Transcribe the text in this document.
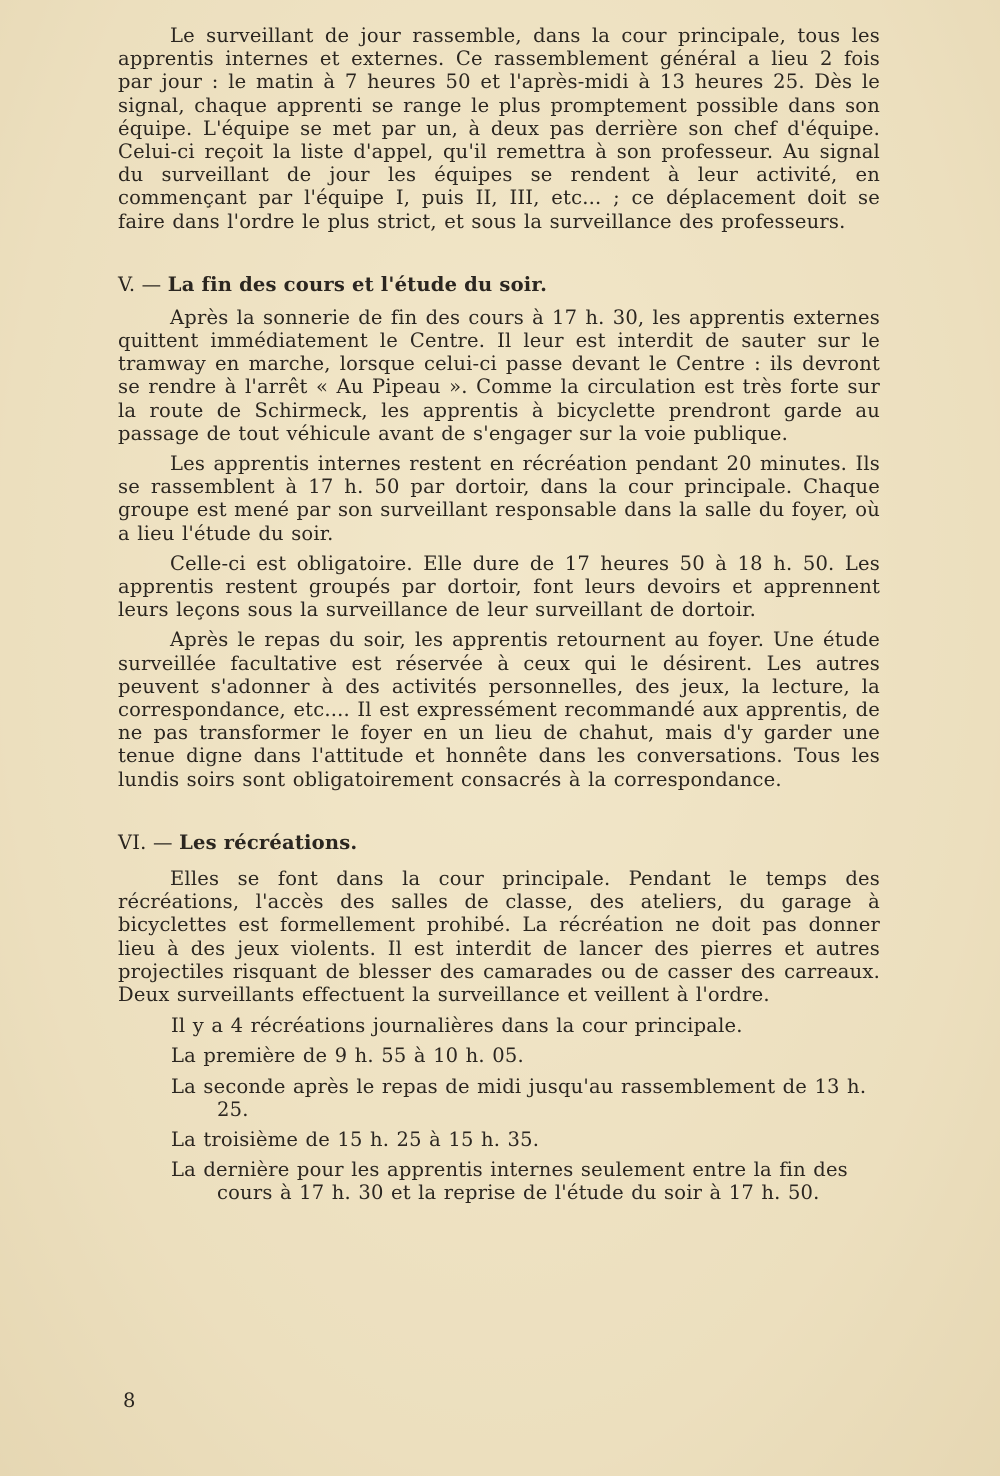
Le surveillant de jour rassemble, dans la cour principale, tous les apprentis internes et externes. Ce rassemblement général a lieu 2 fois par jour : le matin à 7 heures 50 et l'après-midi à 13 heures 25. Dès le signal, chaque apprenti se range le plus promptement possible dans son équipe. L'équipe se met par un, à deux pas derrière son chef d'équipe. Celui-ci reçoit la liste d'appel, qu'il remettra à son professeur. Au signal du surveillant de jour les équipes se rendent à leur activité, en commençant par l'équipe I, puis II, III, etc... ; ce déplacement doit se faire dans l'ordre le plus strict, et sous la surveillance des professeurs.

V. — La fin des cours et l'étude du soir.

Après la sonnerie de fin des cours à 17 h. 30, les apprentis externes quittent immédiatement le Centre. Il leur est interdit de sauter sur le tramway en marche, lorsque celui-ci passe devant le Centre : ils devront se rendre à l'arrêt « Au Pipeau ». Comme la circulation est très forte sur la route de Schirmeck, les apprentis à bicyclette prendront garde au passage de tout véhicule avant de s'engager sur la voie publique.

Les apprentis internes restent en récréation pendant 20 minutes. Ils se rassemblent à 17 h. 50 par dortoir, dans la cour principale. Chaque groupe est mené par son surveillant responsable dans la salle du foyer, où a lieu l'étude du soir.

Celle-ci est obligatoire. Elle dure de 17 heures 50 à 18 h. 50. Les apprentis restent groupés par dortoir, font leurs devoirs et apprennent leurs leçons sous la surveillance de leur surveillant de dortoir.

Après le repas du soir, les apprentis retournent au foyer. Une étude surveillée facultative est réservée à ceux qui le désirent. Les autres peuvent s'adonner à des activités personnelles, des jeux, la lecture, la correspondance, etc.... Il est expressément recommandé aux apprentis, de ne pas transformer le foyer en un lieu de chahut, mais d'y garder une tenue digne dans l'attitude et honnête dans les conversations. Tous les lundis soirs sont obligatoirement consacrés à la correspondance.

VI. — Les récréations.

Elles se font dans la cour principale. Pendant le temps des récréations, l'accès des salles de classe, des ateliers, du garage à bicyclettes est formellement prohibé. La récréation ne doit pas donner lieu à des jeux violents. Il est interdit de lancer des pierres et autres projectiles risquant de blesser des camarades ou de casser des carreaux. Deux surveillants effectuent la surveillance et veillent à l'ordre.

Il y a 4 récréations journalières dans la cour principale.
La première de 9 h. 55 à 10 h. 05.
La seconde après le repas de midi jusqu'au rassemblement de 13 h. 25.
La troisième de 15 h. 25 à 15 h. 35.
La dernière pour les apprentis internes seulement entre la fin des cours à 17 h. 30 et la reprise de l'étude du soir à 17 h. 50.
8
